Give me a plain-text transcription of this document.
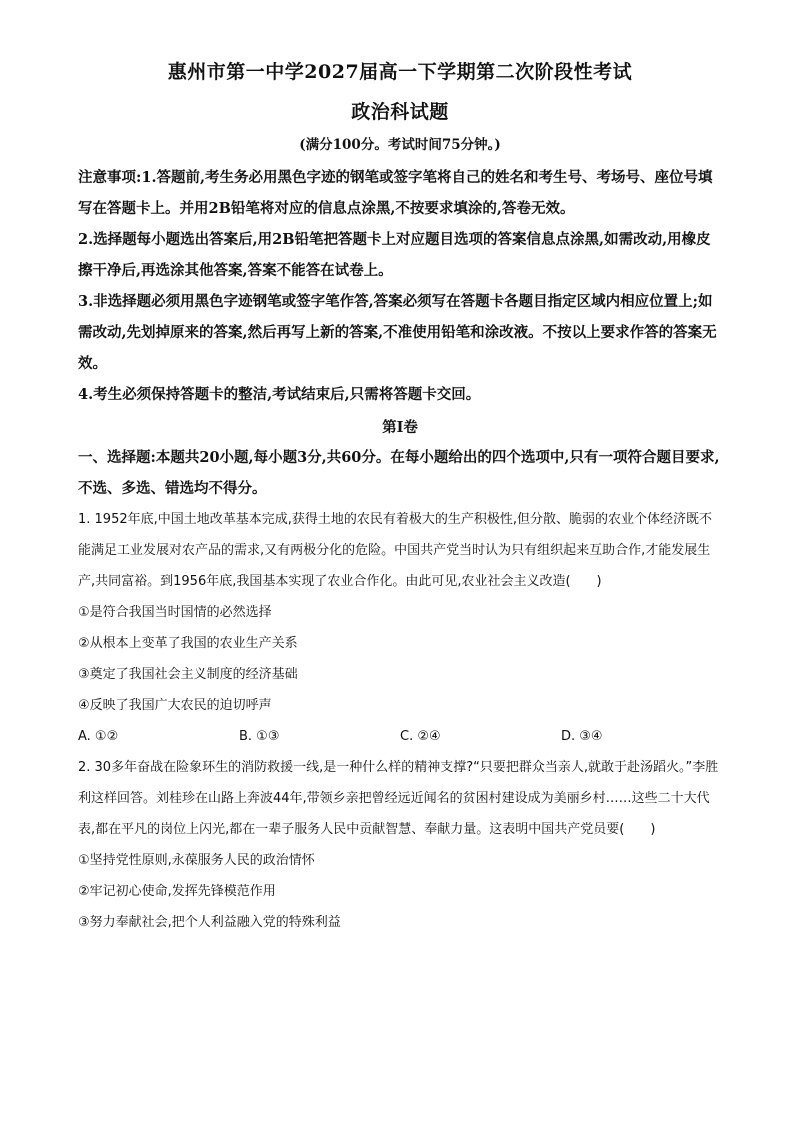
惠州市第一中学2027届高一下学期第二次阶段性考试
政治科试题
(满分100分。考试时间75分钟。)

注意事项:1.答题前,考生务必用黑色字迹的钢笔或签字笔将自己的姓名和考生号、考场号、座位号填写在答题卡上。并用2B铅笔将对应的信息点涂黑,不按要求填涂的,答卷无效。

2.选择题每小题选出答案后,用2B铅笔把答题卡上对应题目选项的答案信息点涂黑,如需改动,用橡皮擦干净后,再选涂其他答案,答案不能答在试卷上。

3.非选择题必须用黑色字迹钢笔或签字笔作答,答案必须写在答题卡各题目指定区域内相应位置上;如需改动,先划掉原来的答案,然后再写上新的答案,不准使用铅笔和涂改液。不按以上要求作答的答案无效。

4.考生必须保持答题卡的整洁,考试结束后,只需将答题卡交回。

第Ⅰ卷

一、选择题:本题共20小题,每小题3分,共60分。在每小题给出的四个选项中,只有一项符合题目要求,不选、多选、错选均不得分。

1. 1952年底,中国土地改革基本完成,获得土地的农民有着极大的生产积极性,但分散、脆弱的农业个体经济既不能满足工业发展对农产品的需求,又有两极分化的危险。中国共产党当时认为只有组织起来互助合作,才能发展生产,共同富裕。到1956年底,我国基本实现了农业合作化。由此可见,农业社会主义改造(　　)

①是符合我国当时国情的必然选择

②从根本上变革了我国的农业生产关系

③奠定了我国社会主义制度的经济基础

④反映了我国广大农民的迫切呼声

A. ①②	B. ①③	C. ②④	D. ③④

2. 30多年奋战在险象环生的消防救援一线,是一种什么样的精神支撑?“只要把群众当亲人,就敢于赴汤蹈火。”李胜利这样回答。刘桂珍在山路上奔波44年,带领乡亲把曾经远近闻名的贫困村建设成为美丽乡村……这些二十大代表,都在平凡的岗位上闪光,都在一辈子服务人民中贡献智慧、奉献力量。这表明中国共产党员要(　　)

①坚持党性原则,永葆服务人民的政治情怀

②牢记初心使命,发挥先锋模范作用

③努力奉献社会,把个人利益融入党的特殊利益
